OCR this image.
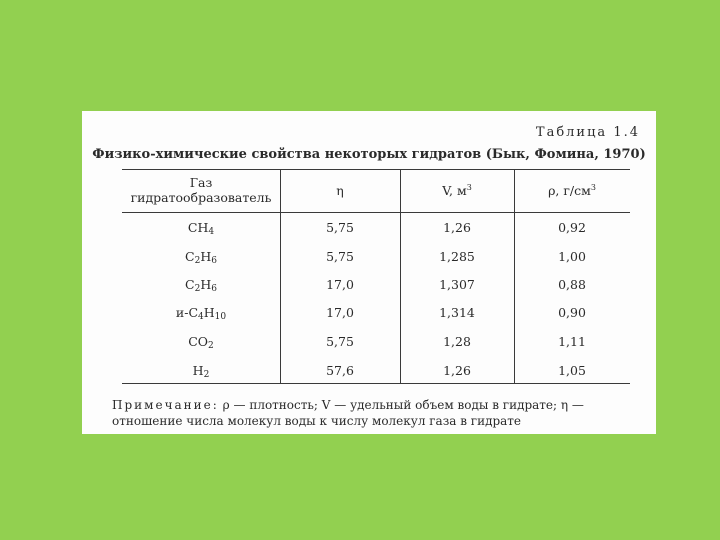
Таблица 1.4
Физико-химические свойства некоторых гидратов (Бык, Фомина, 1970)
Газ
гидратообразователь	η	V, $м^3$	ρ, $г/см^3$
$CH_4$	5,75	1,26	0,92
$C_2H_6$	5,75	1,285	1,00
$C_2H_6$	17,0	1,307	0,88
$и-C_4H_{10}$	17,0	1,314	0,90
$CO_2$	5,75	1,28	1,11
$H_2$	57,6	1,26	1,05
Примечание: ρ — плотность; V — удельный объем воды в гидрате; η — отношение числа молекул воды к числу молекул газа в гидрате
